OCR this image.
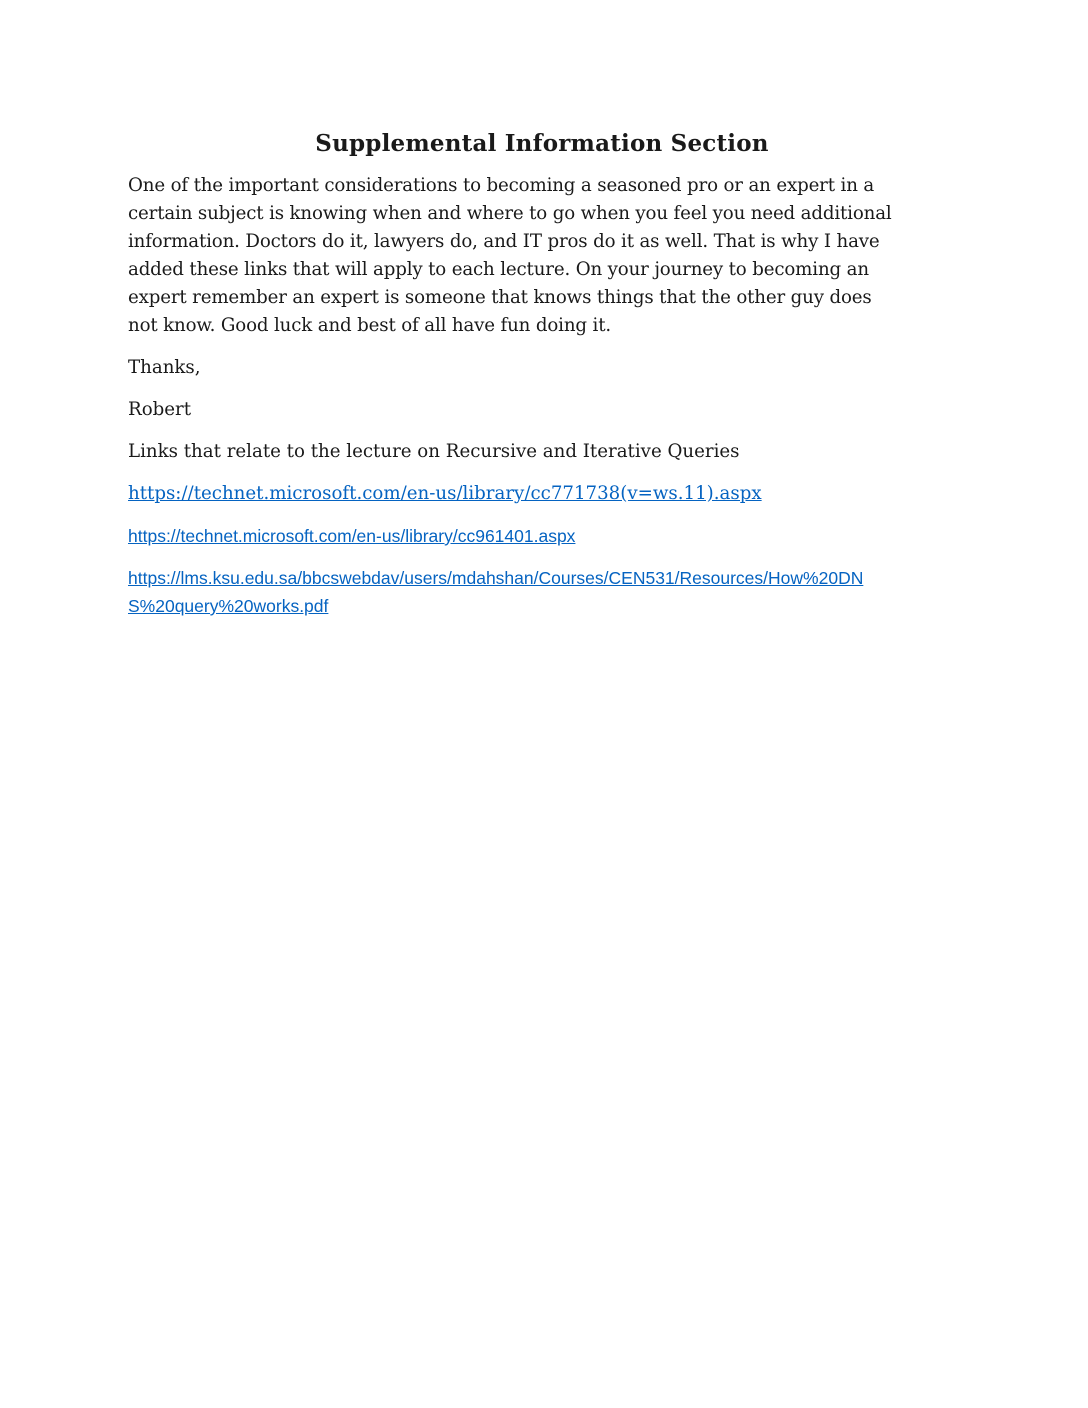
Supplemental Information Section

One of the important considerations to becoming a seasoned pro or an expert in a
certain subject is knowing when and where to go when you feel you need additional
information. Doctors do it, lawyers do, and IT pros do it as well. That is why I have
added these links that will apply to each lecture. On your journey to becoming an
expert remember an expert is someone that knows things that the other guy does
not know. Good luck and best of all have fun doing it.

Thanks,

Robert

Links that relate to the lecture on Recursive and Iterative Queries

https://technet.microsoft.com/en-us/library/cc771738(v=ws.11).aspx
https://technet.microsoft.com/en-us/library/cc961401.aspx
https://lms.ksu.edu.sa/bbcswebdav/users/mdahshan/Courses/CEN531/Resources/How%20DN
S%20query%20works.pdf
